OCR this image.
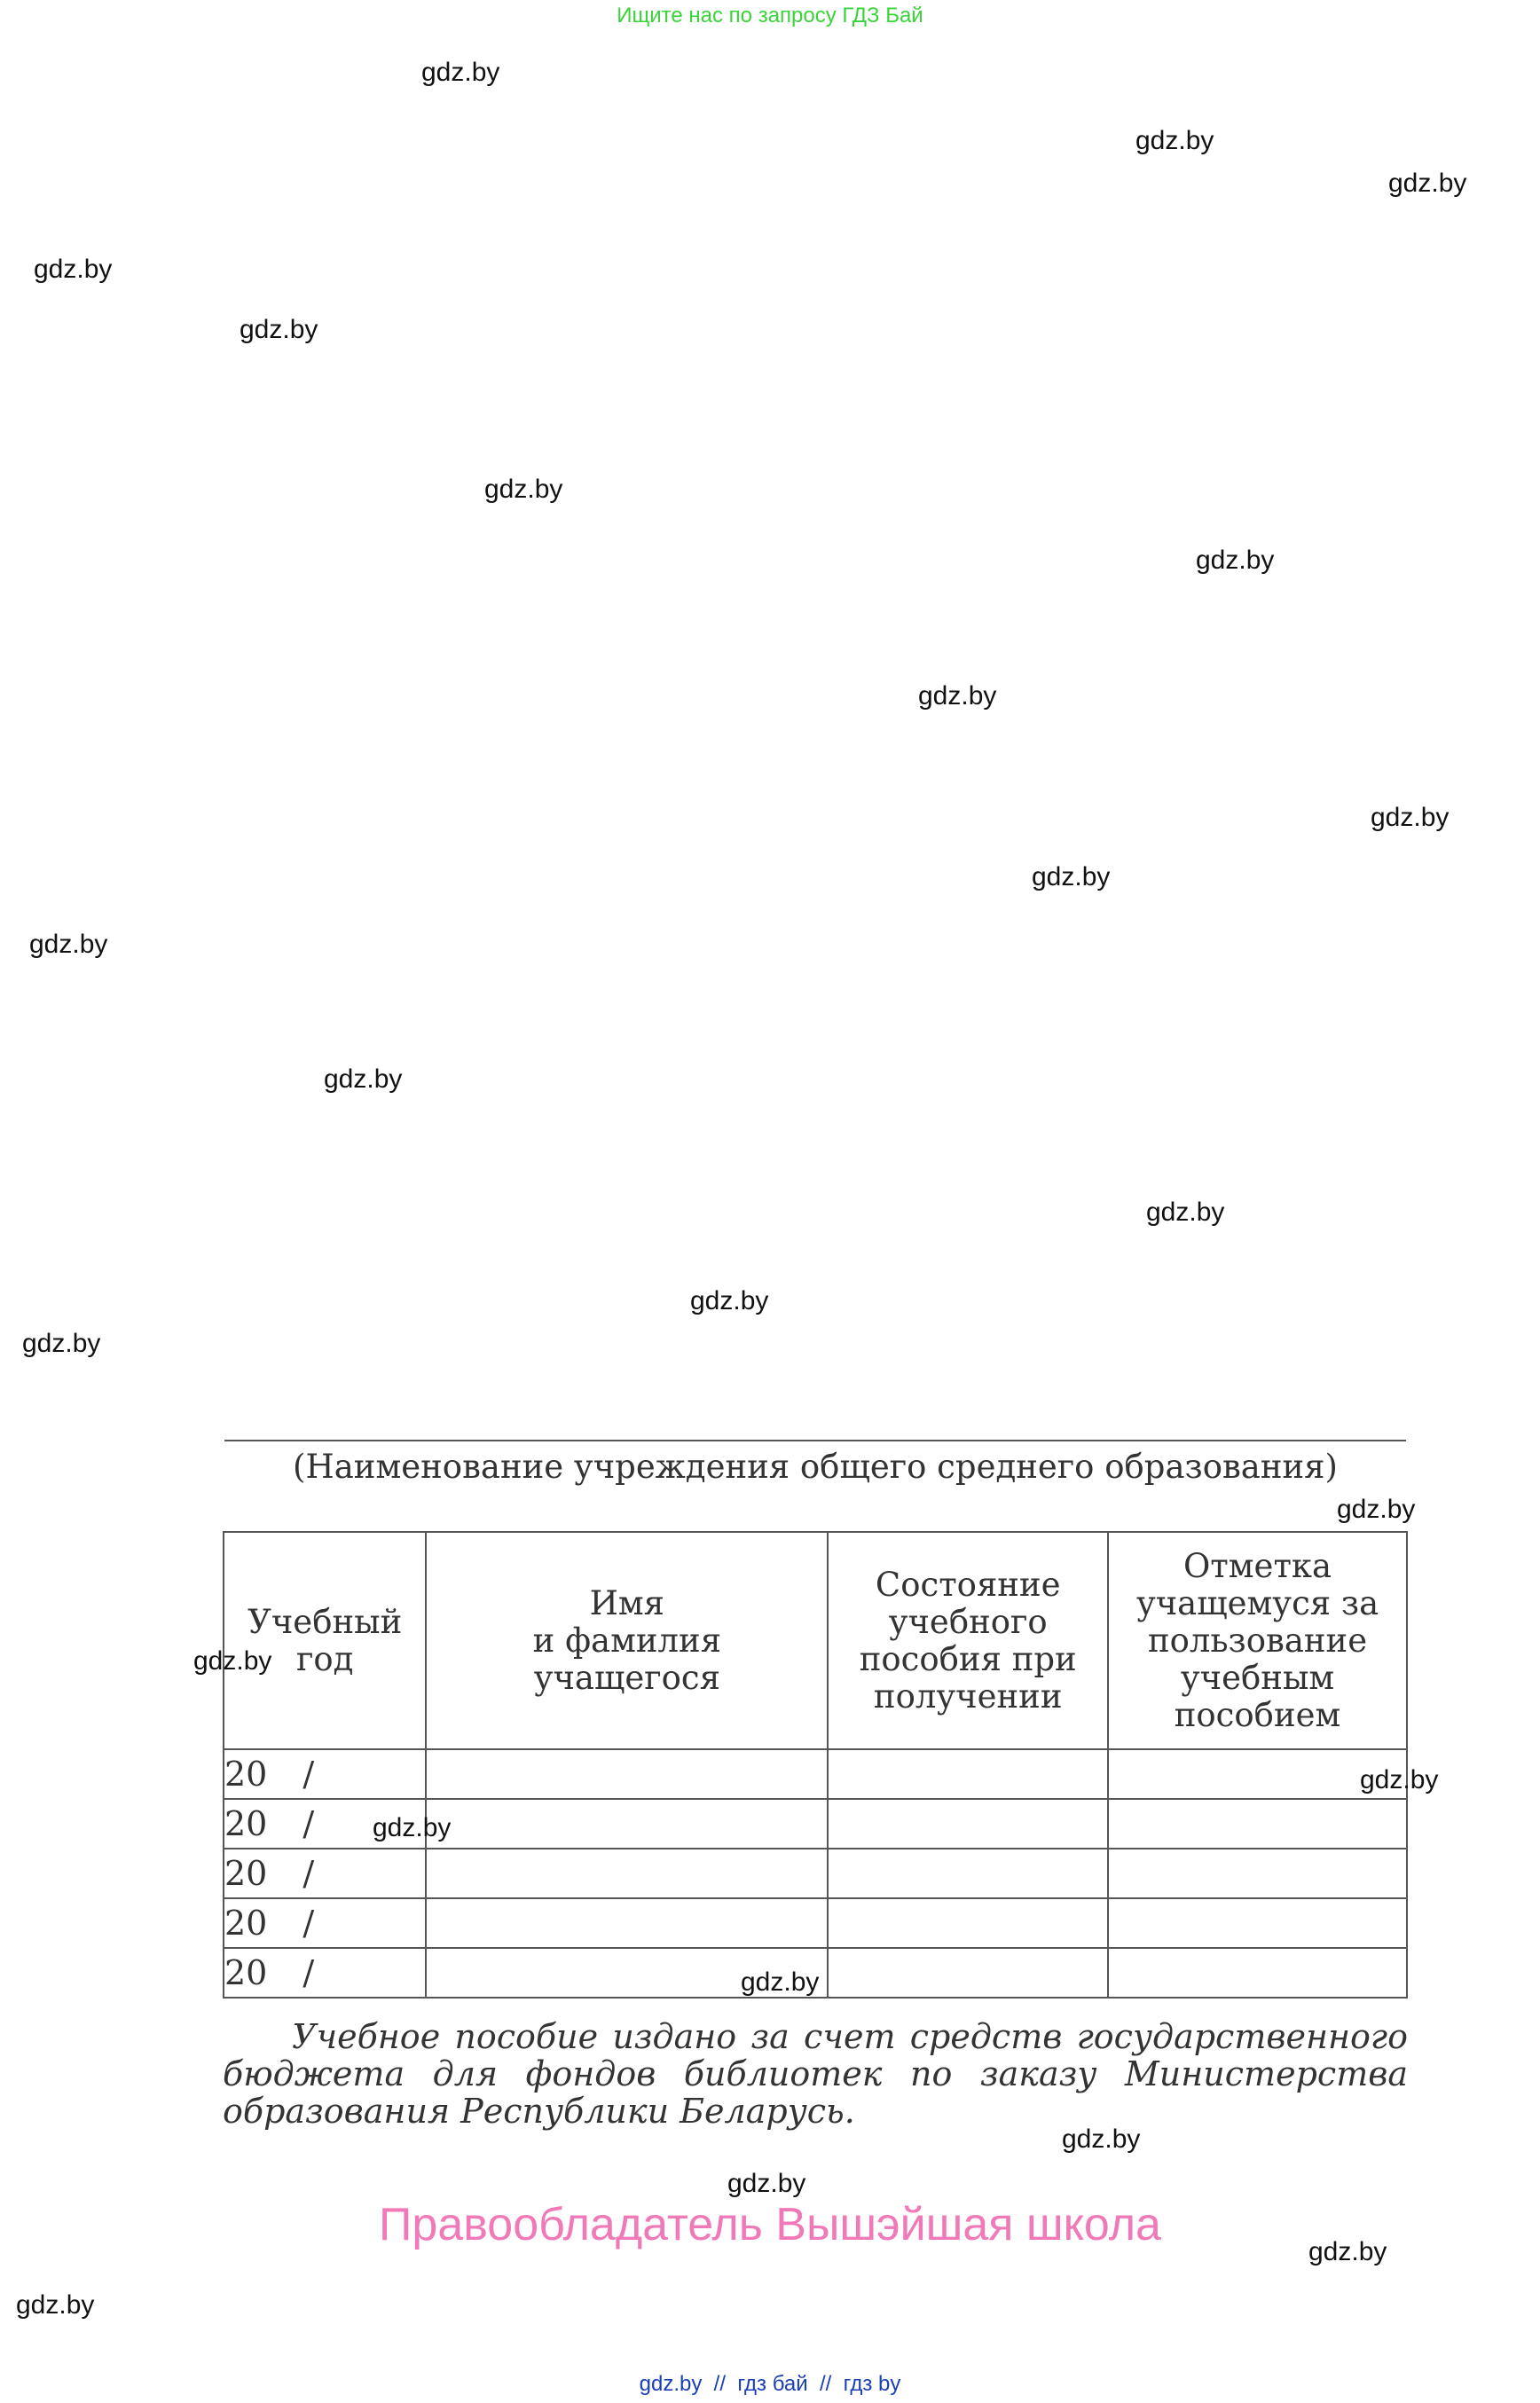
Ищите нас по запросу ГДЗ Бай
gdz.by
gdz.by
gdz.by
gdz.by
gdz.by
gdz.by
gdz.by
gdz.by
gdz.by
gdz.by
gdz.by
gdz.by
gdz.by
gdz.by
gdz.by
(Наименование учреждения общего среднего образования)
Учебный
год	Имя
и фамилия
учащегося	Состояние
учебного
пособия при
получении	Отметка
учащемуся за
пользование
учебным
пособием
20 /			
20 /			
20 /			
20 /			
20 /			
gdz.by
gdz.by
gdz.by
gdz.by
gdz.by
Учебное пособие издано за счет средств государственного бюджета для фондов библиотек по заказу Министерства образования Республики Беларусь.
gdz.by
gdz.by
Правообладатель Вышэйшая школа
gdz.by
gdz.by
gdz.by  //  гдз бай  //  гдз by
